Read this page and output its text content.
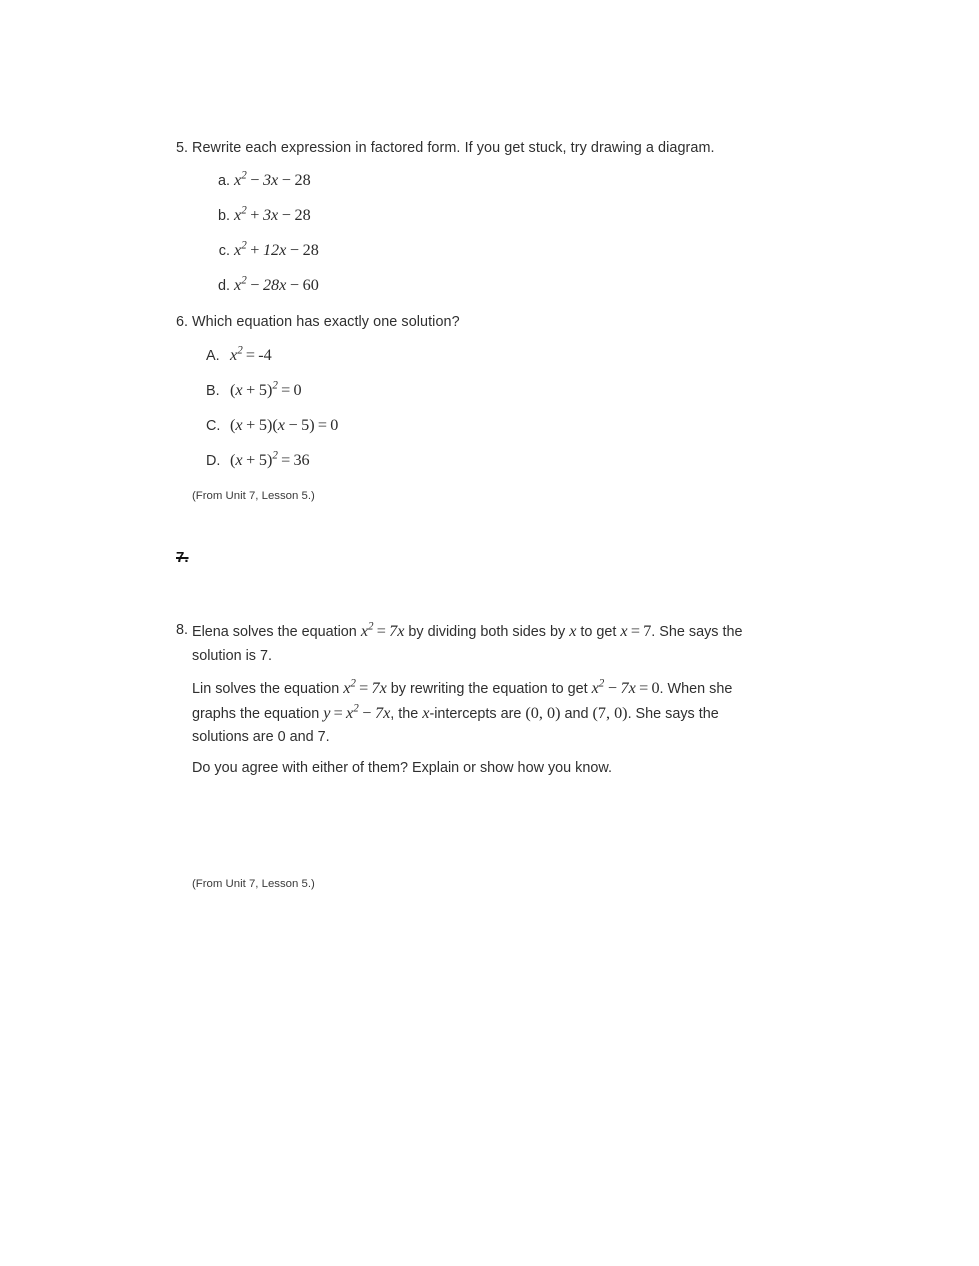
5. Rewrite each expression in factored form. If you get stuck, try drawing a diagram.
a. $x^2 - 3x - 28$
b. $x^2 + 3x - 28$
c. $x^2 + 12x - 28$
d. $x^2 - 28x - 60$
6. Which equation has exactly one solution?
A. $x^2 = -4$
B. $(x + 5)^2 = 0$
C. (x + 5)(x − 5) = 0
D. $(x + 5)^2 = 36$
(From Unit 7, Lesson 5.)
7.
8. Elena solves the equation $x^2 = 7x$ by dividing both sides by x to get x = 7. She says the solution is 7.
Lin solves the equation $x^2 = 7x$ by rewriting the equation to get $x^2 - 7x = 0$. When she graphs the equation $y = x^2 - 7x$, the x-intercepts are (0, 0) and (7, 0). She says the solutions are 0 and 7.
Do you agree with either of them? Explain or show how you know.
(From Unit 7, Lesson 5.)
